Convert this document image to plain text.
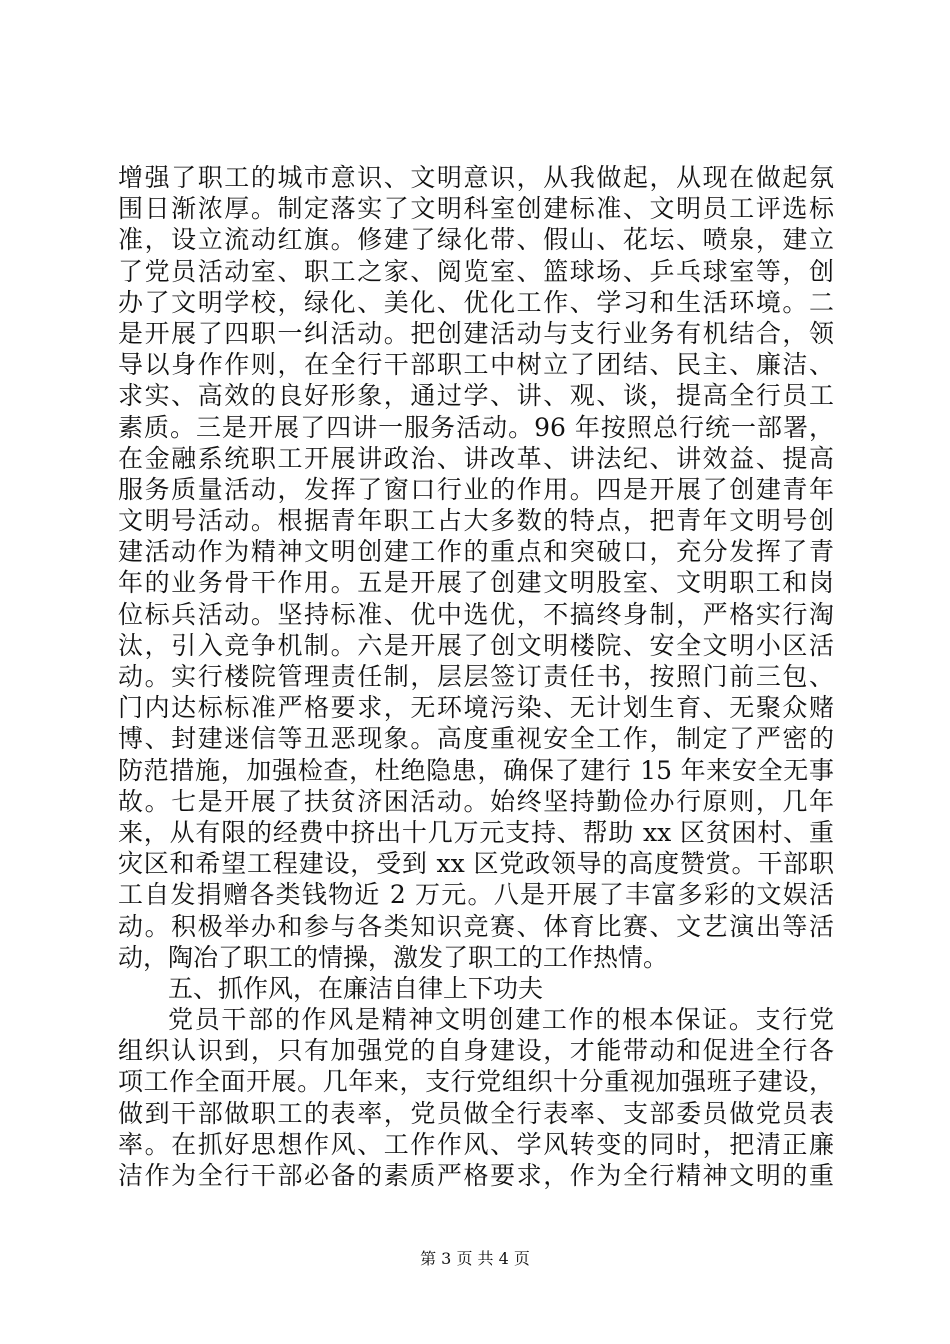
增强了职工的城市意识、文明意识，从我做起，从现在做起氛
围日渐浓厚。制定落实了文明科室创建标准、文明员工评选标
准，设立流动红旗。修建了绿化带、假山、花坛、喷泉，建立
了党员活动室、职工之家、阅览室、篮球场、乒乓球室等，创
办了文明学校，绿化、美化、优化工作、学习和生活环境。二
是开展了四职一纠活动。把创建活动与支行业务有机结合，领
导以身作作则，在全行干部职工中树立了团结、民主、廉洁、
求实、高效的良好形象，通过学、讲、观、谈，提高全行员工
素质。三是开展了四讲一服务活动。96 年按照总行统一部署，
在金融系统职工开展讲政治、讲改革、讲法纪、讲效益、提高
服务质量活动，发挥了窗口行业的作用。四是开展了创建青年
文明号活动。根据青年职工占大多数的特点，把青年文明号创
建活动作为精神文明创建工作的重点和突破口，充分发挥了青
年的业务骨干作用。五是开展了创建文明股室、文明职工和岗
位标兵活动。坚持标准、优中选优，不搞终身制，严格实行淘
汰，引入竞争机制。六是开展了创文明楼院、安全文明小区活
动。实行楼院管理责任制，层层签订责任书，按照门前三包、
门内达标标准严格要求，无环境污染、无计划生育、无聚众赌
博、封建迷信等丑恶现象。高度重视安全工作，制定了严密的
防范措施，加强检查，杜绝隐患，确保了建行 15 年来安全无事
故。七是开展了扶贫济困活动。始终坚持勤俭办行原则，几年
来，从有限的经费中挤出十几万元支持、帮助 xx 区贫困村、重
灾区和希望工程建设，受到 xx 区党政领导的高度赞赏。干部职
工自发捐赠各类钱物近 2 万元。八是开展了丰富多彩的文娱活
动。积极举办和参与各类知识竞赛、体育比赛、文艺演出等活
动，陶冶了职工的情操，激发了职工的工作热情。
五、抓作风，在廉洁自律上下功夫
党员干部的作风是精神文明创建工作的根本保证。支行党
组织认识到，只有加强党的自身建设，才能带动和促进全行各
项工作全面开展。几年来，支行党组织十分重视加强班子建设，
做到干部做职工的表率，党员做全行表率、支部委员做党员表
率。在抓好思想作风、工作作风、学风转变的同时，把清正廉
洁作为全行干部必备的素质严格要求，作为全行精神文明的重
第 3 页 共 4 页
